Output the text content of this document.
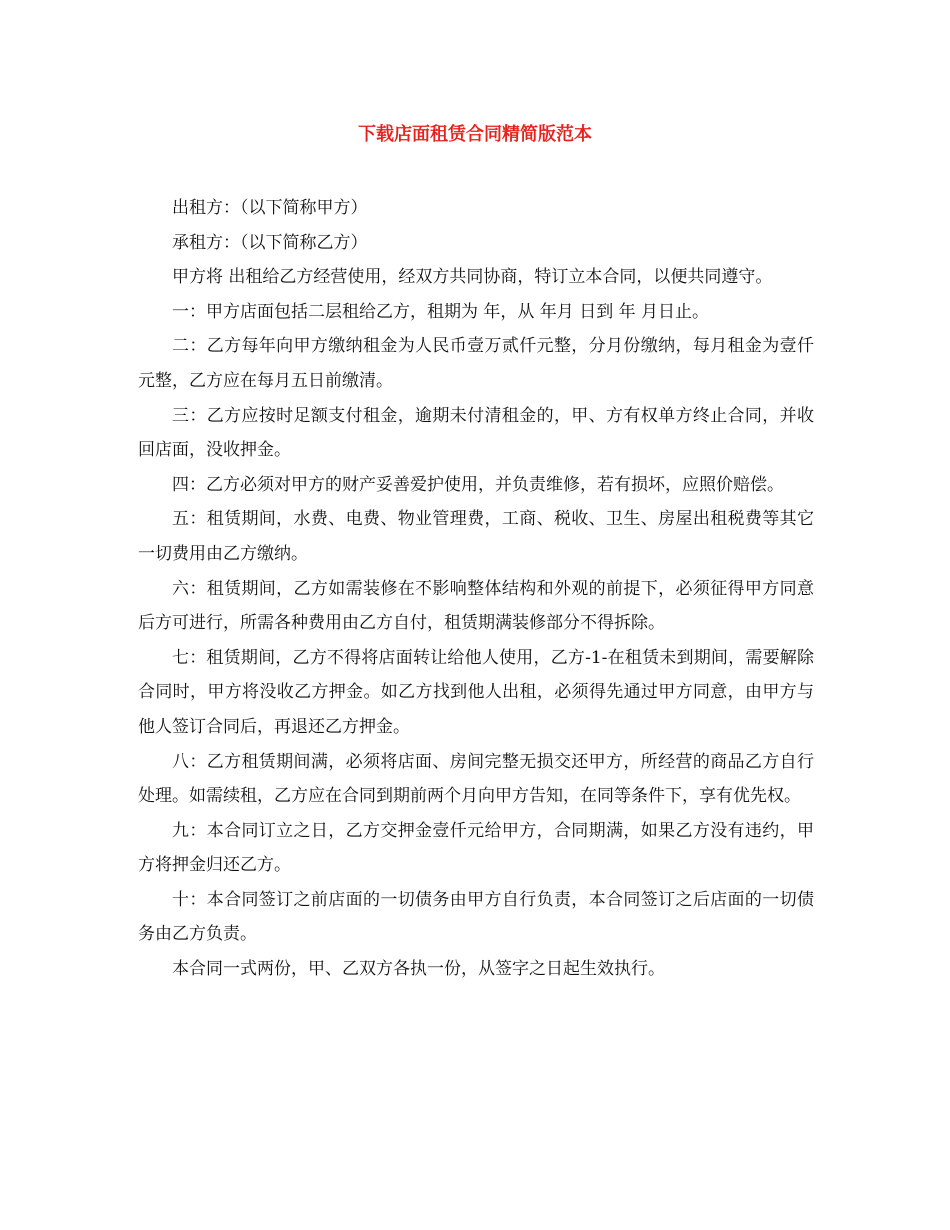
下载店面租赁合同精简版范本

出租方：（以下简称甲方）

承租方：（以下简称乙方）

甲方将 出租给乙方经营使用，经双方共同协商，特订立本合同，以便共同遵守。

一：甲方店面包括二层租给乙方，租期为 年，从 年月 日到 年 月日止。

二：乙方每年向甲方缴纳租金为人民币壹万贰仟元整，分月份缴纳，每月租金为壹仟元整，乙方应在每月五日前缴清。

三：乙方应按时足额支付租金，逾期未付清租金的，甲、方有权单方终止合同，并收回店面，没收押金。

四：乙方必须对甲方的财产妥善爱护使用，并负责维修，若有损坏，应照价赔偿。

五：租赁期间，水费、电费、物业管理费，工商、税收、卫生、房屋出租税费等其它一切费用由乙方缴纳。

六：租赁期间，乙方如需装修在不影响整体结构和外观的前提下，必须征得甲方同意后方可进行，所需各种费用由乙方自付，租赁期满装修部分不得拆除。

七：租赁期间，乙方不得将店面转让给他人使用，乙方-1-在租赁未到期间，需要解除合同时，甲方将没收乙方押金。如乙方找到他人出租，必须得先通过甲方同意，由甲方与他人签订合同后，再退还乙方押金。

八：乙方租赁期间满，必须将店面、房间完整无损交还甲方，所经营的商品乙方自行处理。如需续租，乙方应在合同到期前两个月向甲方告知，在同等条件下，享有优先权。

九：本合同订立之日，乙方交押金壹仟元给甲方，合同期满，如果乙方没有违约，甲方将押金归还乙方。

十：本合同签订之前店面的一切债务由甲方自行负责，本合同签订之后店面的一切债务由乙方负责。

本合同一式两份，甲、乙双方各执一份，从签字之日起生效执行。
